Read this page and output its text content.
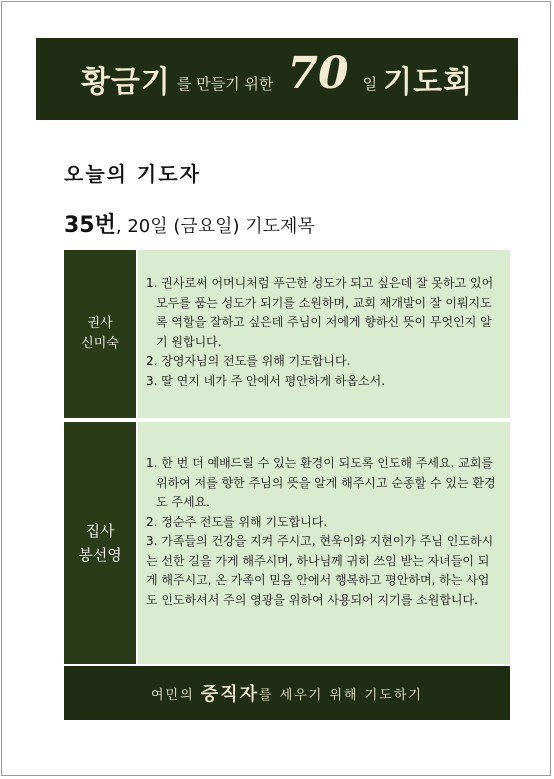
황금기 를 만들기 위한 70 일 기도회
오늘의 기도자
35번, 20일 (금요일) 기도제목
권사
신미숙

1. 권사로써 어머니처럼 푸근한 성도가 되고 싶은데 잘 못하고 있어 모두를 품는 성도가 되기를 소원하며, 교회 재개발이 잘 이뤄지도록 역할을 잘하고 싶은데 주님이 저에게 향하신 뜻이 무엇인지 알기 원합니다.

2. 장영자님의 전도를 위해 기도합니다.

3. 딸 연지 네가 주 안에서 평안하게 하옵소서.

집사
봉선영

1. 한 번 더 예배드릴 수 있는 환경이 되도록 인도해 주세요. 교회를 위하여 저를 향한 주님의 뜻을 알게 해주시고 순종할 수 있는 환경도 주세요.

2. 정순주 전도를 위해 기도합니다.

3. 가족들의 건강을 지켜 주시고, 현욱이와 지현이가 주님 인도하시는 선한 길을 가게 해주시며, 하나님께 귀히 쓰임 받는 자녀들이 되게 해주시고, 온 가족이 믿음 안에서 행복하고 평안하며, 하는 사업도 인도하셔서 주의 영광을 위하여 사용되어 지기를 소원합니다.

여민의
중직자 를 세우기 위해 기도하기
